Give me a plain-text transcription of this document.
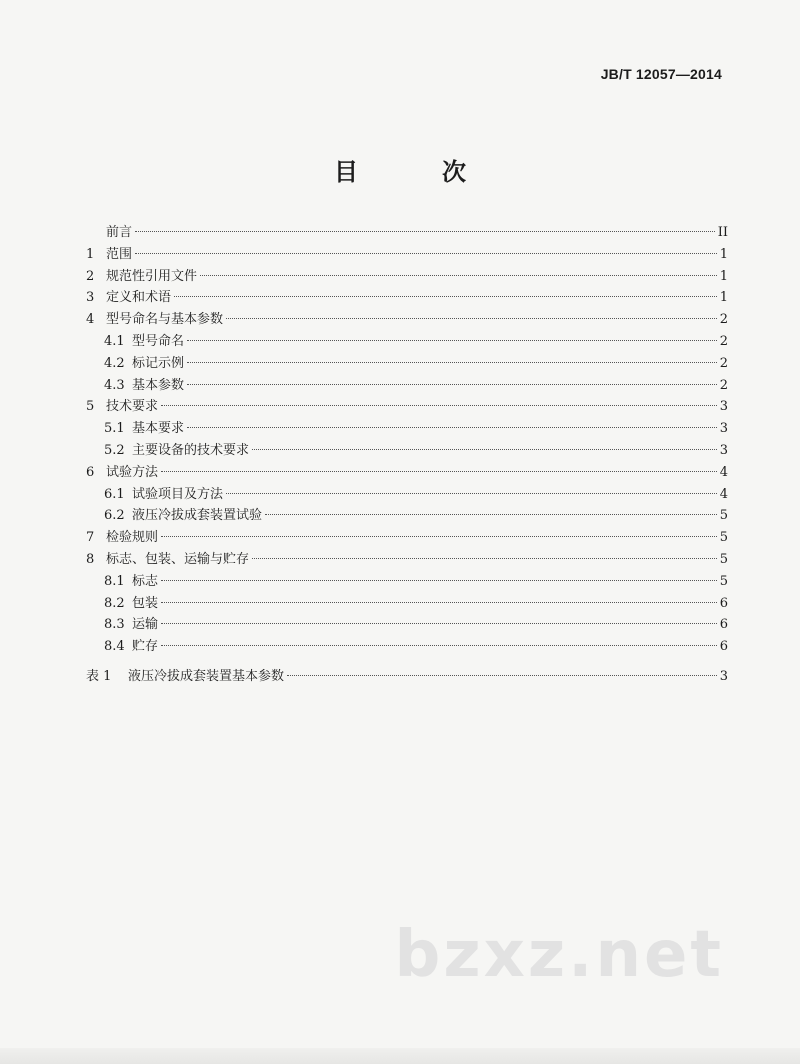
JB/T 12057—2014
目　次
前言	II
1 范围	1
2 规范性引用文件	1
3 定义和术语	1
4 型号命名与基本参数	2
4.1 型号命名	2
4.2 标记示例	2
4.3 基本参数	2
5 技术要求	3
5.1 基本要求	3
5.2 主要设备的技术要求	3
6 试验方法	4
6.1 试验项目及方法	4
6.2 液压冷拔成套装置试验	5
7 检验规则	5
8 标志、包装、运输与贮存	5
8.1 标志	5
8.2 包装	6
8.3 运输	6
8.4 贮存	6
表 1	液压冷拔成套装置基本参数	3
bzxz.net
